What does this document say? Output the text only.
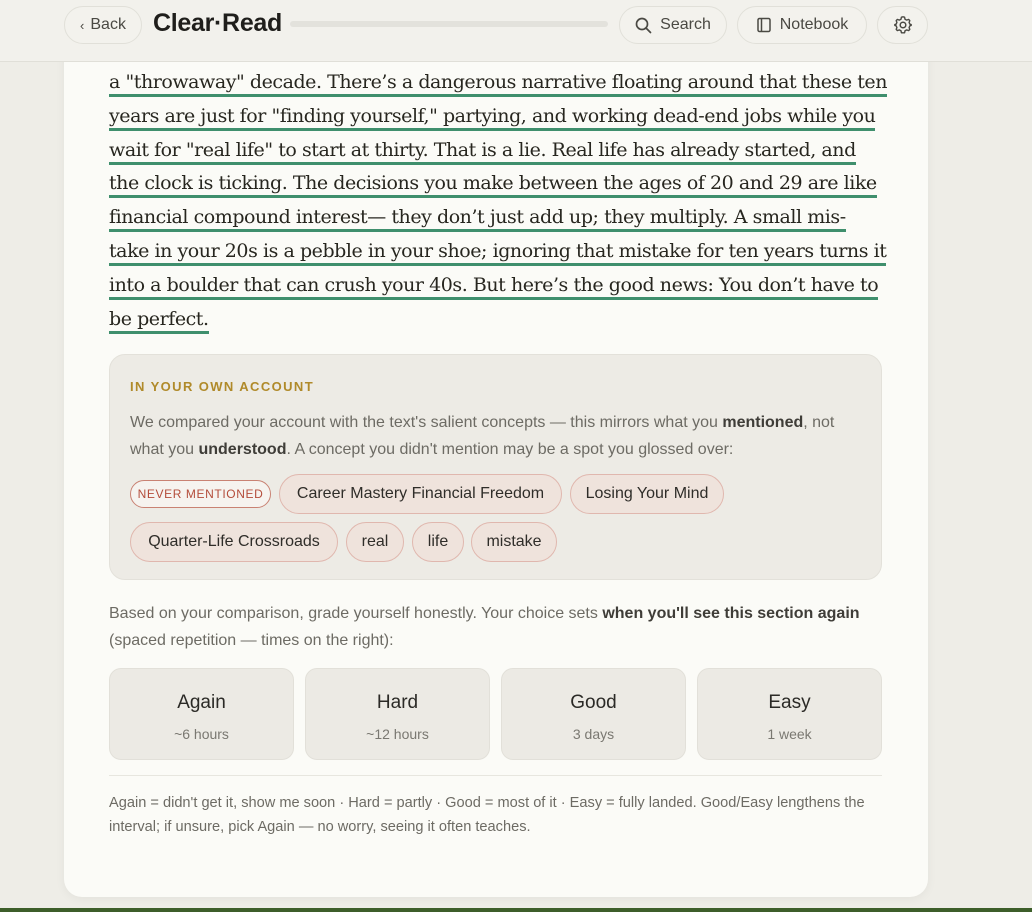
‹ Back Clear·Read	Search	Notebook
a "throwaway" decade. There’s a dangerous narrative floating around that these ten
years are just for "finding yourself," partying, and working dead-end jobs while you
wait for "real life" to start at thirty. That is a lie. Real life has already started, and
the clock is ticking. The decisions you make between the ages of 20 and 29 are like
financial compound interest— they don’t just add up; they multiply. A small mis-
take in your 20s is a pebble in your shoe; ignoring that mistake for ten years turns it
into a boulder that can crush your 40s. But here’s the good news: You don’t have to
be perfect.
IN YOUR OWN ACCOUNT
We compared your account with the text's salient concepts — this mirrors what you mentioned, not what you understood. A concept you didn't mention may be a spot you glossed over:
NEVER MENTIONED	Career Mastery Financial Freedom	Losing Your Mind
Quarter-Life Crossroads	real	life	mistake
Based on your comparison, grade yourself honestly. Your choice sets when you'll see this section again (spaced repetition — times on the right):
Again
~6 hours
Hard
~12 hours
Good
3 days
Easy
1 week
Again = didn't get it, show me soon · Hard = partly · Good = most of it · Easy = fully landed. Good/Easy lengthens the interval; if unsure, pick Again — no worry, seeing it often teaches.
